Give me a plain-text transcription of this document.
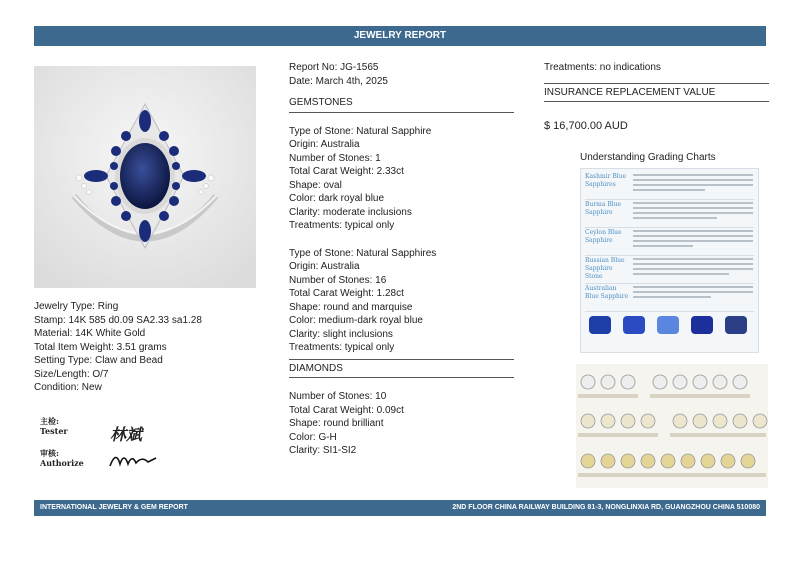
JEWELRY REPORT
Jewelry Type: Ring
Stamp: 14K 585 d0.09 SA2.33 sa1.28
Material: 14K White Gold
Total Item Weight: 3.51 grams
Setting Type: Claw and Bead
Size/Length: O/7
Condition: New
主检:
Tester
审核:
Authorize
林斌
Report No: JG-1565
Date: March 4th, 2025
GEMSTONES
Type of Stone: Natural Sapphire
Origin: Australia
Number of Stones: 1
Total Carat Weight: 2.33ct
Shape: oval
Color: dark royal blue
Clarity: moderate inclusions
Treatments: typical only
Type of Stone: Natural Sapphires
Origin: Australia
Number of Stones: 16
Total Carat Weight: 1.28ct
Shape: round and marquise
Color: medium-dark royal blue
Clarity: slight inclusions
Treatments: typical only
DIAMONDS
Number of Stones: 10
Total Carat Weight: 0.09ct
Shape: round brilliant
Color: G-H
Clarity: SI1-SI2
Treatments: no indications
INSURANCE REPLACEMENT VALUE
$ 16,700.00 AUD
Understanding Grading Charts
Kashmir Blue Sapphires
Burma Blue Sapphire
Ceylon Blue Sapphire
Russian Blue Sapphire Stone
Australian Blue Sapphire
INTERNATIONAL JEWELRY & GEM REPORT	2ND FLOOR CHINA RAILWAY BUILDING 81-3, NONGLINXIA RD, GUANGZHOU CHINA 510080
